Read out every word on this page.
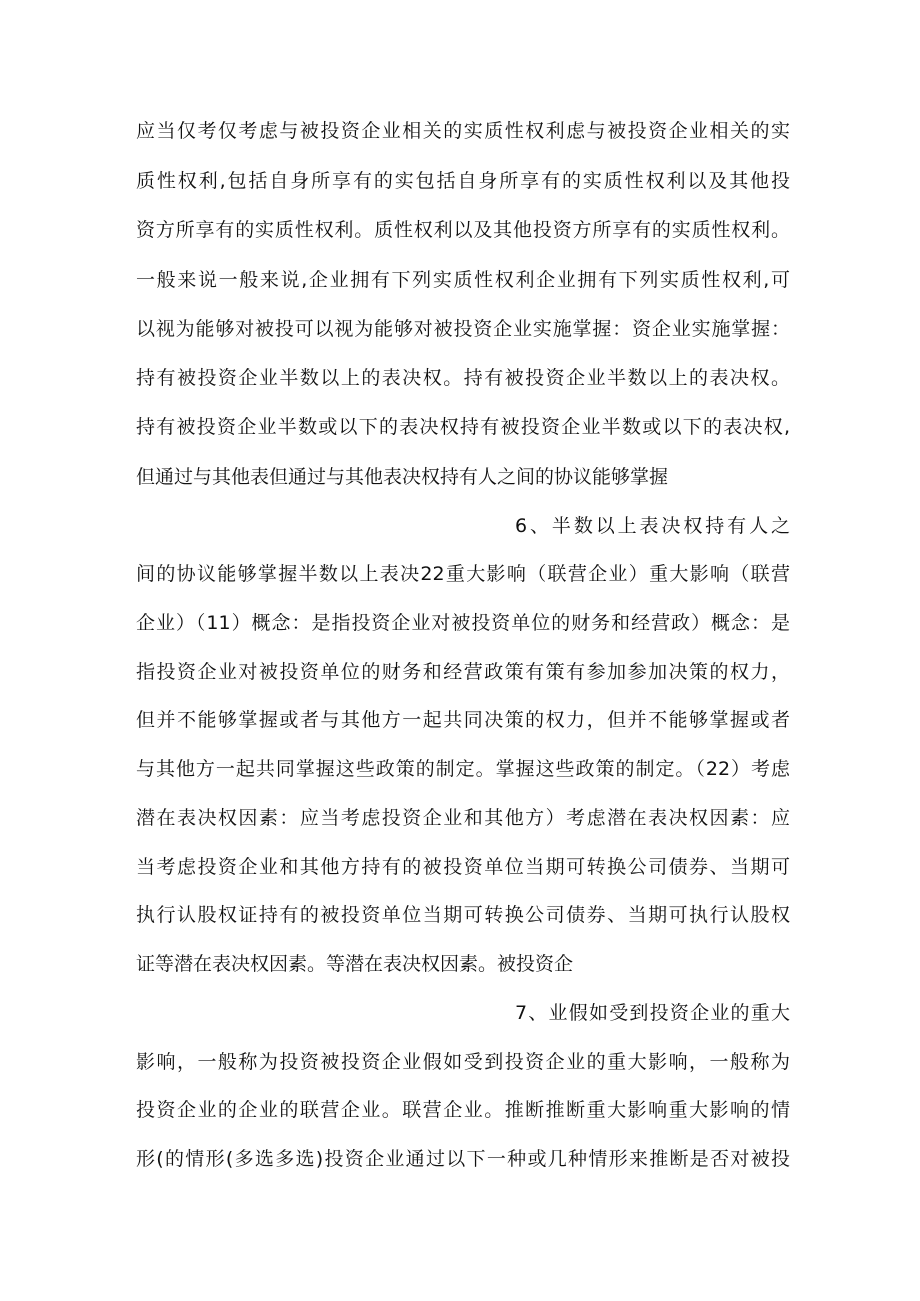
应当仅考仅考虑与被投资企业相关的实质性权利虑与被投资企业相关的实
质性权利,包括自身所享有的实包括自身所享有的实质性权利以及其他投
资方所享有的实质性权利。质性权利以及其他投资方所享有的实质性权利。
一般来说一般来说,企业拥有下列实质性权利企业拥有下列实质性权利,可
以视为能够对被投可以视为能够对被投资企业实施掌握：资企业实施掌握：
持有被投资企业半数以上的表决权。持有被投资企业半数以上的表决权。
持有被投资企业半数或以下的表决权持有被投资企业半数或以下的表决权,
但通过与其他表但通过与其他表决权持有人之间的协议能够掌握
6、半数以上表决权持有人之
间的协议能够掌握半数以上表决22重大影响（联营企业）重大影响（联营
企业）（11）概念：是指投资企业对被投资单位的财务和经营政）概念：是
指投资企业对被投资单位的财务和经营政策有策有参加参加决策的权力，
但并不能够掌握或者与其他方一起共同决策的权力，但并不能够掌握或者
与其他方一起共同掌握这些政策的制定。掌握这些政策的制定。（22）考虑
潜在表决权因素：应当考虑投资企业和其他方）考虑潜在表决权因素：应
当考虑投资企业和其他方持有的被投资单位当期可转换公司债券、当期可
执行认股权证持有的被投资单位当期可转换公司债券、当期可执行认股权
证等潜在表决权因素。等潜在表决权因素。被投资企
7、业假如受到投资企业的重大
影响，一般称为投资被投资企业假如受到投资企业的重大影响，一般称为
投资企业的企业的联营企业。联营企业。推断推断重大影响重大影响的情
形(的情形(多选多选)投资企业通过以下一种或几种情形来推断是否对被投
